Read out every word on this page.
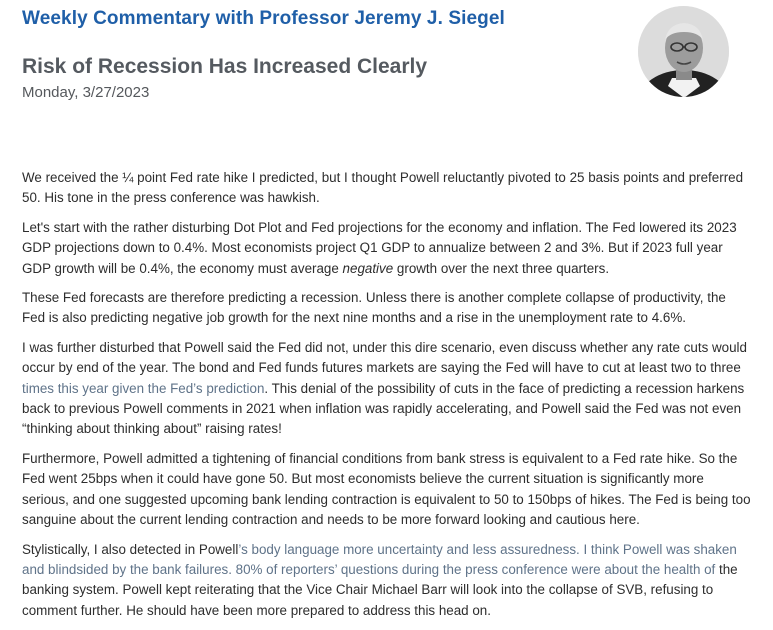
Weekly Commentary with Professor Jeremy J. Siegel
Risk of Recession Has Increased Clearly
Monday, 3/27/2023

We received the ¼ point Fed rate hike I predicted, but I thought Powell reluctantly pivoted to 25 basis points and preferred 50. His tone in the press conference was hawkish.

Let's start with the rather disturbing Dot Plot and Fed projections for the economy and inflation. The Fed lowered its 2023 GDP projections down to 0.4%. Most economists project Q1 GDP to annualize between 2 and 3%. But if 2023 full year GDP growth will be 0.4%, the economy must average negative growth over the next three quarters.

These Fed forecasts are therefore predicting a recession. Unless there is another complete collapse of productivity, the Fed is also predicting negative job growth for the next nine months and a rise in the unemployment rate to 4.6%.

I was further disturbed that Powell said the Fed did not, under this dire scenario, even discuss whether any rate cuts would occur by end of the year. The bond and Fed funds futures markets are saying the Fed will have to cut at least two to three times this year given the Fed’s prediction. This denial of the possibility of cuts in the face of predicting a recession harkens back to previous Powell comments in 2021 when inflation was rapidly accelerating, and Powell said the Fed was not even “thinking about thinking about” raising rates!

Furthermore, Powell admitted a tightening of financial conditions from bank stress is equivalent to a Fed rate hike. So the Fed went 25bps when it could have gone 50. But most economists believe the current situation is significantly more serious, and one suggested upcoming bank lending contraction is equivalent to 50 to 150bps of hikes. The Fed is being too sanguine about the current lending contraction and needs to be more forward looking and cautious here.

Stylistically, I also detected in Powell’s body language more uncertainty and less assuredness. I think Powell was shaken and blindsided by the bank failures. 80% of reporters’ questions during the press conference were about the health of the banking system. Powell kept reiterating that the Vice Chair Michael Barr will look into the collapse of SVB, refusing to comment further. He should have been more prepared to address this head on.
